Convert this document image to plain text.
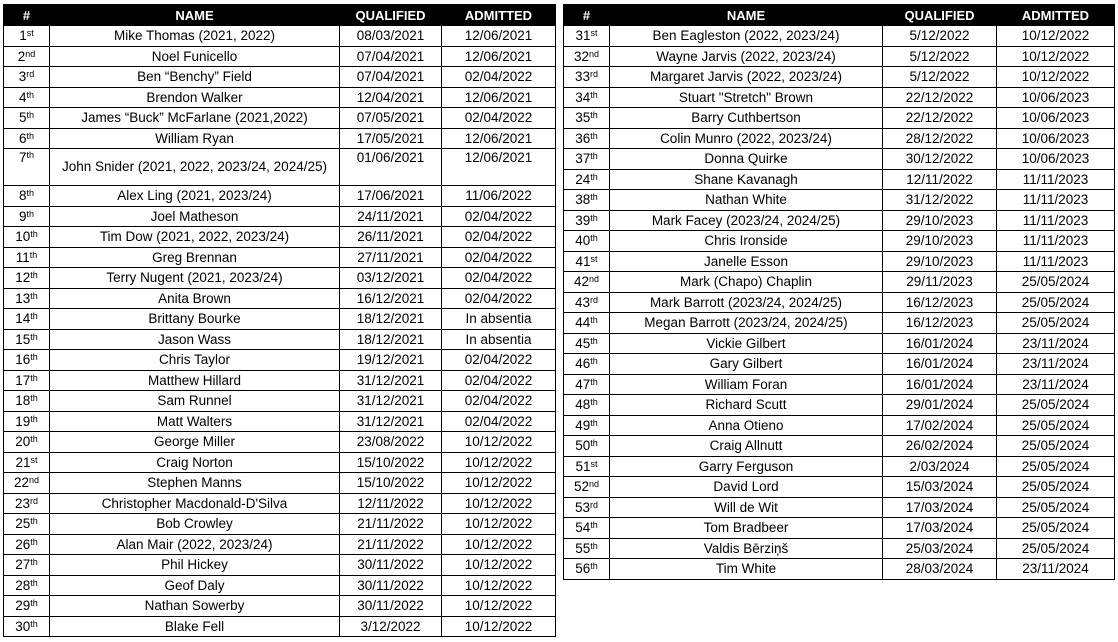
#	NAME	QUALIFIED	ADMITTED
1st	Mike Thomas (2021, 2022)	08/03/2021	12/06/2021
2nd	Noel Funicello	07/04/2021	12/06/2021
3rd	Ben “Benchy” Field	07/04/2021	02/04/2022
4th	Brendon Walker	12/04/2021	12/06/2021
5th	James “Buck” McFarlane (2021,2022)	07/05/2021	02/04/2022
6th	William Ryan	17/05/2021	12/06/2021
7th	John Snider (2021, 2022, 2023/24, 2024/25)	01/06/2021	12/06/2021
8th	Alex Ling (2021, 2023/24)	17/06/2021	11/06/2022
9th	Joel Matheson	24/11/2021	02/04/2022
10th	Tim Dow (2021, 2022, 2023/24)	26/11/2021	02/04/2022
11th	Greg Brennan	27/11/2021	02/04/2022
12th	Terry Nugent (2021, 2023/24)	03/12/2021	02/04/2022
13th	Anita Brown	16/12/2021	02/04/2022
14th	Brittany Bourke	18/12/2021	In absentia
15th	Jason Wass	18/12/2021	In absentia
16th	Chris Taylor	19/12/2021	02/04/2022
17th	Matthew Hillard	31/12/2021	02/04/2022
18th	Sam Runnel	31/12/2021	02/04/2022
19th	Matt Walters	31/12/2021	02/04/2022
20th	George Miller	23/08/2022	10/12/2022
21st	Craig Norton	15/10/2022	10/12/2022
22nd	Stephen Manns	15/10/2022	10/12/2022
23rd	Christopher Macdonald-D'Silva	12/11/2022	10/12/2022
25th	Bob Crowley	21/11/2022	10/12/2022
26th	Alan Mair (2022, 2023/24)	21/11/2022	10/12/2022
27th	Phil Hickey	30/11/2022	10/12/2022
28th	Geof Daly	30/11/2022	10/12/2022
29th	Nathan Sowerby	30/11/2022	10/12/2022
30th	Blake Fell	3/12/2022	10/12/2022
#	NAME	QUALIFIED	ADMITTED
31st	Ben Eagleston (2022, 2023/24)	5/12/2022	10/12/2022
32nd	Wayne Jarvis (2022, 2023/24)	5/12/2022	10/12/2022
33rd	Margaret Jarvis (2022, 2023/24)	5/12/2022	10/12/2022
34th	Stuart "Stretch" Brown	22/12/2022	10/06/2023
35th	Barry Cuthbertson	22/12/2022	10/06/2023
36th	Colin Munro (2022, 2023/24)	28/12/2022	10/06/2023
37th	Donna Quirke	30/12/2022	10/06/2023
24th	Shane Kavanagh	12/11/2022	11/11/2023
38th	Nathan White	31/12/2022	11/11/2023
39th	Mark Facey (2023/24, 2024/25)	29/10/2023	11/11/2023
40th	Chris Ironside	29/10/2023	11/11/2023
41st	Janelle Esson	29/10/2023	11/11/2023
42nd	Mark (Chapo) Chaplin	29/11/2023	25/05/2024
43rd	Mark Barrott (2023/24, 2024/25)	16/12/2023	25/05/2024
44th	Megan Barrott (2023/24, 2024/25)	16/12/2023	25/05/2024
45th	Vickie Gilbert	16/01/2024	23/11/2024
46th	Gary Gilbert	16/01/2024	23/11/2024
47th	William Foran	16/01/2024	23/11/2024
48th	Richard Scutt	29/01/2024	25/05/2024
49th	Anna Otieno	17/02/2024	25/05/2024
50th	Craig Allnutt	26/02/2024	25/05/2024
51st	Garry Ferguson	2/03/2024	25/05/2024
52nd	David Lord	15/03/2024	25/05/2024
53rd	Will de Wit	17/03/2024	25/05/2024
54th	Tom Bradbeer	17/03/2024	25/05/2024
55th	Valdis Bērziņš	25/03/2024	25/05/2024
56th	Tim White	28/03/2024	23/11/2024
